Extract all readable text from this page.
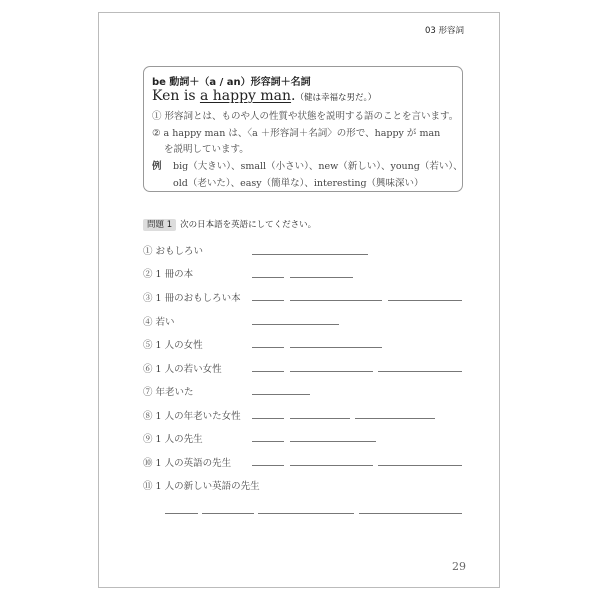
03 形容詞
be 動詞＋（a / an）形容詞＋名詞
Ken is a happy man.（健は幸福な男だ。）
① 形容詞とは、ものや人の性質や状態を説明する語のことを言います。
② a happy man は、〈a ＋形容詞＋名詞〉の形で、happy が man
を説明しています。
例 big（大きい）、small（小さい）、new（新しい）、young（若い）、
old（老いた）、easy（簡単な）、interesting（興味深い）
問題 1 次の日本語を英語にしてください。
① おもしろい
② 1 冊の本
③ 1 冊のおもしろい本
④ 若い
⑤ 1 人の女性
⑥ 1 人の若い女性
⑦ 年老いた
⑧ 1 人の年老いた女性
⑨ 1 人の先生
⑩ 1 人の英語の先生
⑪ 1 人の新しい英語の先生
29
